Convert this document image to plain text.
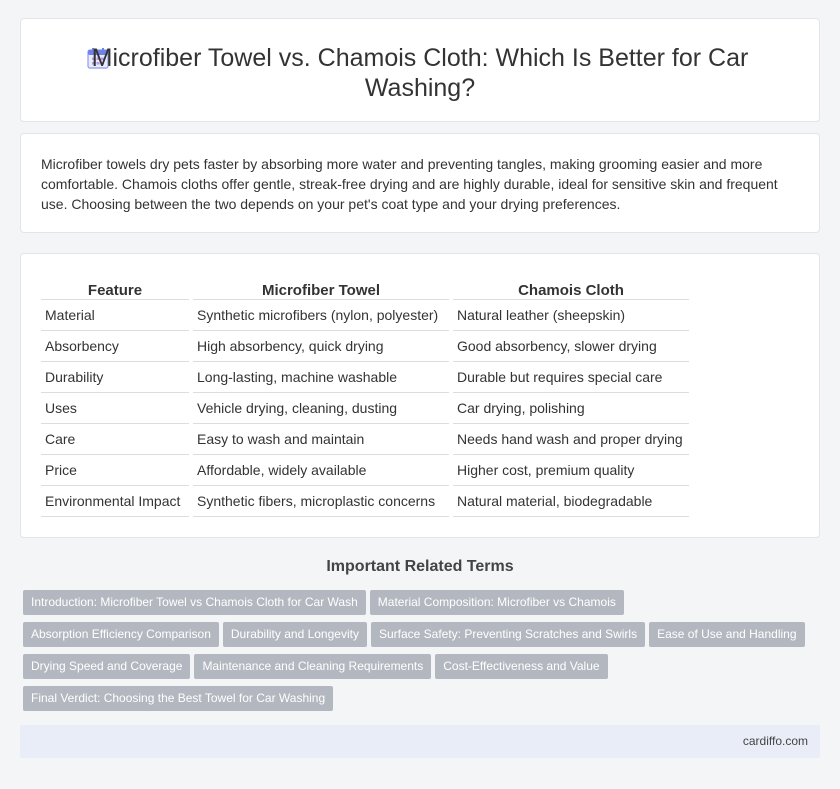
Microfiber Towel vs. Chamois Cloth: Which Is Better for Car Washing?

Microfiber towels dry pets faster by absorbing more water and preventing tangles, making grooming easier and more comfortable. Chamois cloths offer gentle, streak-free drying and are highly durable, ideal for sensitive skin and frequent use. Choosing between the two depends on your pet's coat type and your drying preferences.

Feature	Microfiber Towel	Chamois Cloth
Material	Synthetic microfibers (nylon, polyester)	Natural leather (sheepskin)
Absorbency	High absorbency, quick drying	Good absorbency, slower drying
Durability	Long-lasting, machine washable	Durable but requires special care
Uses	Vehicle drying, cleaning, dusting	Car drying, polishing
Care	Easy to wash and maintain	Needs hand wash and proper drying
Price	Affordable, widely available	Higher cost, premium quality
Environmental Impact	Synthetic fibers, microplastic concerns	Natural material, biodegradable
Important Related Terms
Introduction: Microfiber Towel vs Chamois Cloth for Car Wash Material Composition: Microfiber vs Chamois
Absorption Efficiency Comparison Durability and Longevity Surface Safety: Preventing Scratches and Swirls Ease of Use and Handling
Drying Speed and Coverage Maintenance and Cleaning Requirements Cost-Effectiveness and Value
Final Verdict: Choosing the Best Towel for Car Washing
cardiffo.com
